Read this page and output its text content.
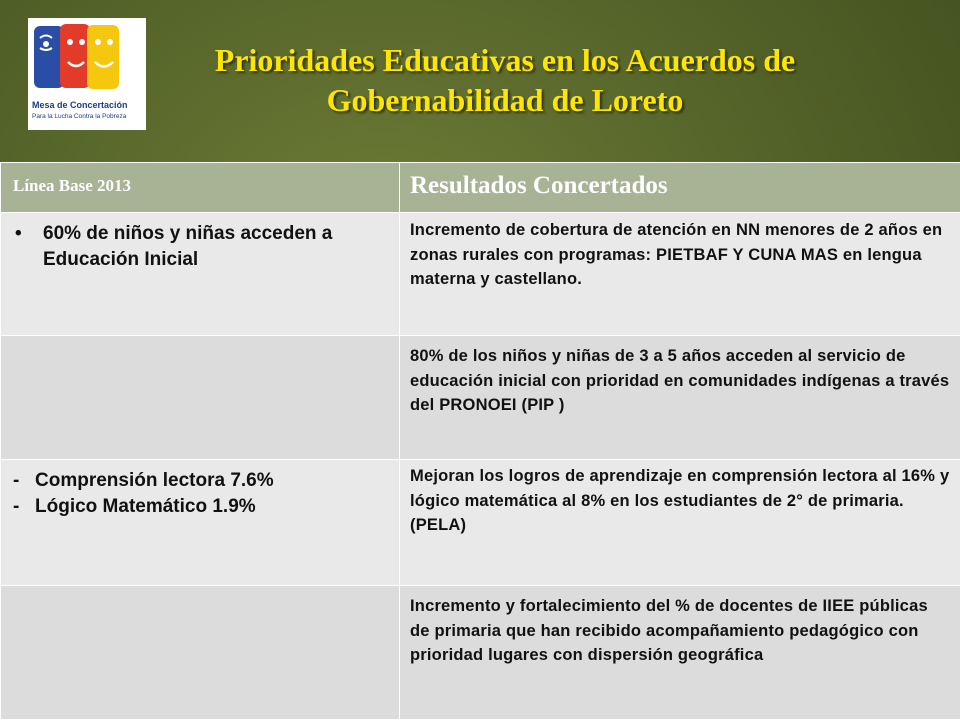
Mesa de Concertación
Para la Lucha Contra la Pobreza
Prioridades Educativas en los Acuerdos de
Gobernabilidad de Loreto
Línea Base 2013	Resultados Concertados

• 60% de niños y niñas acceden a Educación Inicial	Incremento de cobertura de atención en NN menores de 2 años en zonas rurales con programas: PIETBAF Y CUNA MAS en lengua materna y castellano.

	80% de los niños y niñas de 3 a 5 años acceden al servicio de educación inicial con prioridad en comunidades indígenas a través del PRONOEI (PIP )

- Comprensión lectora 7.6%
- Lógico Matemático 1.9%	Mejoran los logros de aprendizaje en comprensión lectora al 16% y lógico matemática al 8% en los estudiantes de 2° de primaria. (PELA)

	Incremento y fortalecimiento del % de docentes de IIEE públicas de primaria que han recibido acompañamiento pedagógico con prioridad lugares con dispersión geográfica
